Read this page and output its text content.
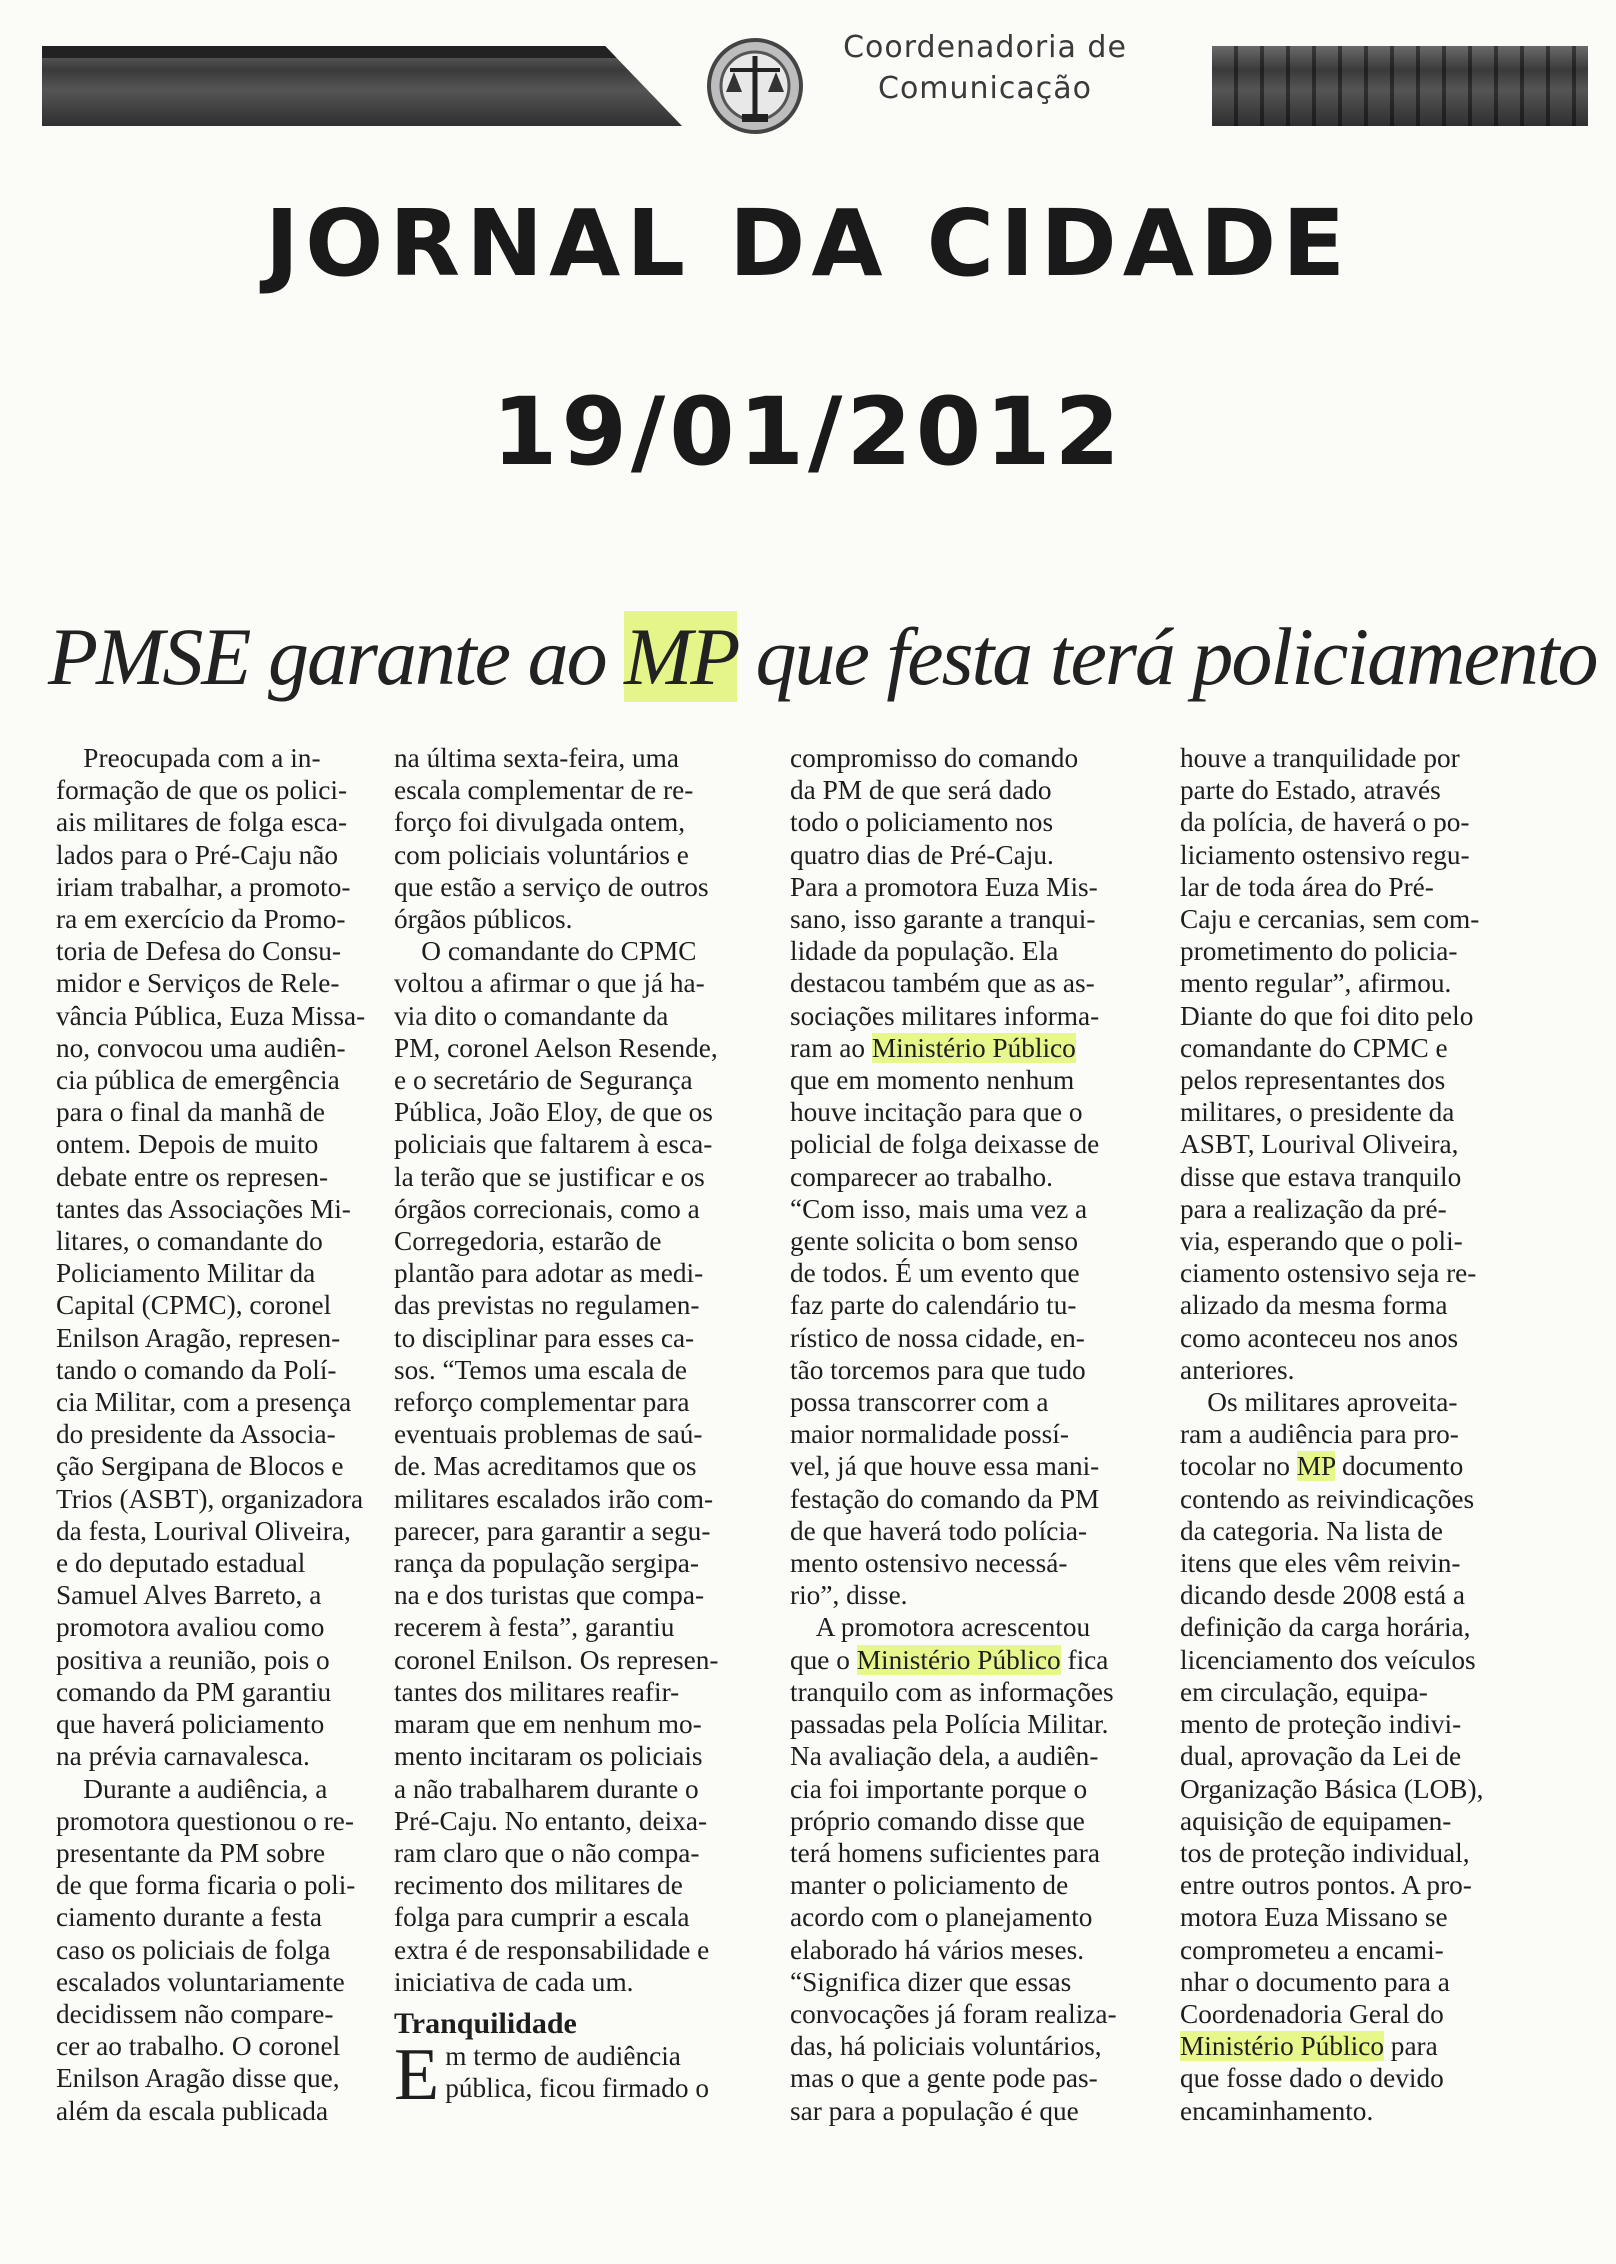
Coordenadoria de
Comunicação
JORNAL DA CIDADE
19/01/2012
PMSE garante ao MP que festa terá policiamento

Preocupada com a in-

formação de que os polici-

ais militares de folga esca-

lados para o Pré-Caju não

iriam trabalhar, a promoto-

ra em exercício da Promo-

toria de Defesa do Consu-

midor e Serviços de Rele-

vância Pública, Euza Missa-

no, convocou uma audiên-

cia pública de emergência

para o final da manhã de

ontem. Depois de muito

debate entre os represen-

tantes das Associações Mi-

litares, o comandante do

Policiamento Militar da

Capital (CPMC), coronel

Enilson Aragão, represen-

tando o comando da Polí-

cia Militar, com a presença

do presidente da Associa-

ção Sergipana de Blocos e

Trios (ASBT), organizadora

da festa, Lourival Oliveira,

e do deputado estadual

Samuel Alves Barreto, a

promotora avaliou como

positiva a reunião, pois o

comando da PM garantiu

que haverá policiamento

na prévia carnavalesca.

Durante a audiência, a

promotora questionou o re-

presentante da PM sobre

de que forma ficaria o poli-

ciamento durante a festa

caso os policiais de folga

escalados voluntariamente

decidissem não compare-

cer ao trabalho. O coronel

Enilson Aragão disse que,

além da escala publicada

na última sexta-feira, uma

escala complementar de re-

forço foi divulgada ontem,

com policiais voluntários e

que estão a serviço de outros

órgãos públicos.

O comandante do CPMC

voltou a afirmar o que já ha-

via dito o comandante da

PM, coronel Aelson Resende,

e o secretário de Segurança

Pública, João Eloy, de que os

policiais que faltarem à esca-

la terão que se justificar e os

órgãos correcionais, como a

Corregedoria, estarão de

plantão para adotar as medi-

das previstas no regulamen-

to disciplinar para esses ca-

sos. “Temos uma escala de

reforço complementar para

eventuais problemas de saú-

de. Mas acreditamos que os

militares escalados irão com-

parecer, para garantir a segu-

rança da população sergipa-

na e dos turistas que compa-

recerem à festa”, garantiu

coronel Enilson. Os represen-

tantes dos militares reafir-

maram que em nenhum mo-

mento incitaram os policiais

a não trabalharem durante o

Pré-Caju. No entanto, deixa-

ram claro que o não compa-

recimento dos militares de

folga para cumprir a escala

extra é de responsabilidade e

iniciativa de cada um.

Tranquilidade
E m termo de audiência

pública, ficou firmado o

compromisso do comando

da PM de que será dado

todo o policiamento nos

quatro dias de Pré-Caju.

Para a promotora Euza Mis-

sano, isso garante a tranqui-

lidade da população. Ela

destacou também que as as-

sociações militares informa-

ram ao Ministério Público

que em momento nenhum

houve incitação para que o

policial de folga deixasse de

comparecer ao trabalho.

“Com isso, mais uma vez a

gente solicita o bom senso

de todos. É um evento que

faz parte do calendário tu-

rístico de nossa cidade, en-

tão torcemos para que tudo

possa transcorrer com a

maior normalidade possí-

vel, já que houve essa mani-

festação do comando da PM

de que haverá todo polícia-

mento ostensivo necessá-

rio”, disse.

A promotora acrescentou

que o Ministério Público fica

tranquilo com as informações

passadas pela Polícia Militar.

Na avaliação dela, a audiên-

cia foi importante porque o

próprio comando disse que

terá homens suficientes para

manter o policiamento de

acordo com o planejamento

elaborado há vários meses.

“Significa dizer que essas

convocações já foram realiza-

das, há policiais voluntários,

mas o que a gente pode pas-

sar para a população é que

houve a tranquilidade por

parte do Estado, através

da polícia, de haverá o po-

liciamento ostensivo regu-

lar de toda área do Pré-

Caju e cercanias, sem com-

prometimento do policia-

mento regular”, afirmou.

Diante do que foi dito pelo

comandante do CPMC e

pelos representantes dos

militares, o presidente da

ASBT, Lourival Oliveira,

disse que estava tranquilo

para a realização da pré-

via, esperando que o poli-

ciamento ostensivo seja re-

alizado da mesma forma

como aconteceu nos anos

anteriores.

Os militares aproveita-

ram a audiência para pro-

tocolar no MP documento

contendo as reivindicações

da categoria. Na lista de

itens que eles vêm reivin-

dicando desde 2008 está a

definição da carga horária,

licenciamento dos veículos

em circulação, equipa-

mento de proteção indivi-

dual, aprovação da Lei de

Organização Básica (LOB),

aquisição de equipamen-

tos de proteção individual,

entre outros pontos. A pro-

motora Euza Missano se

comprometeu a encami-

nhar o documento para a

Coordenadoria Geral do

Ministério Público para

que fosse dado o devido

encaminhamento.
